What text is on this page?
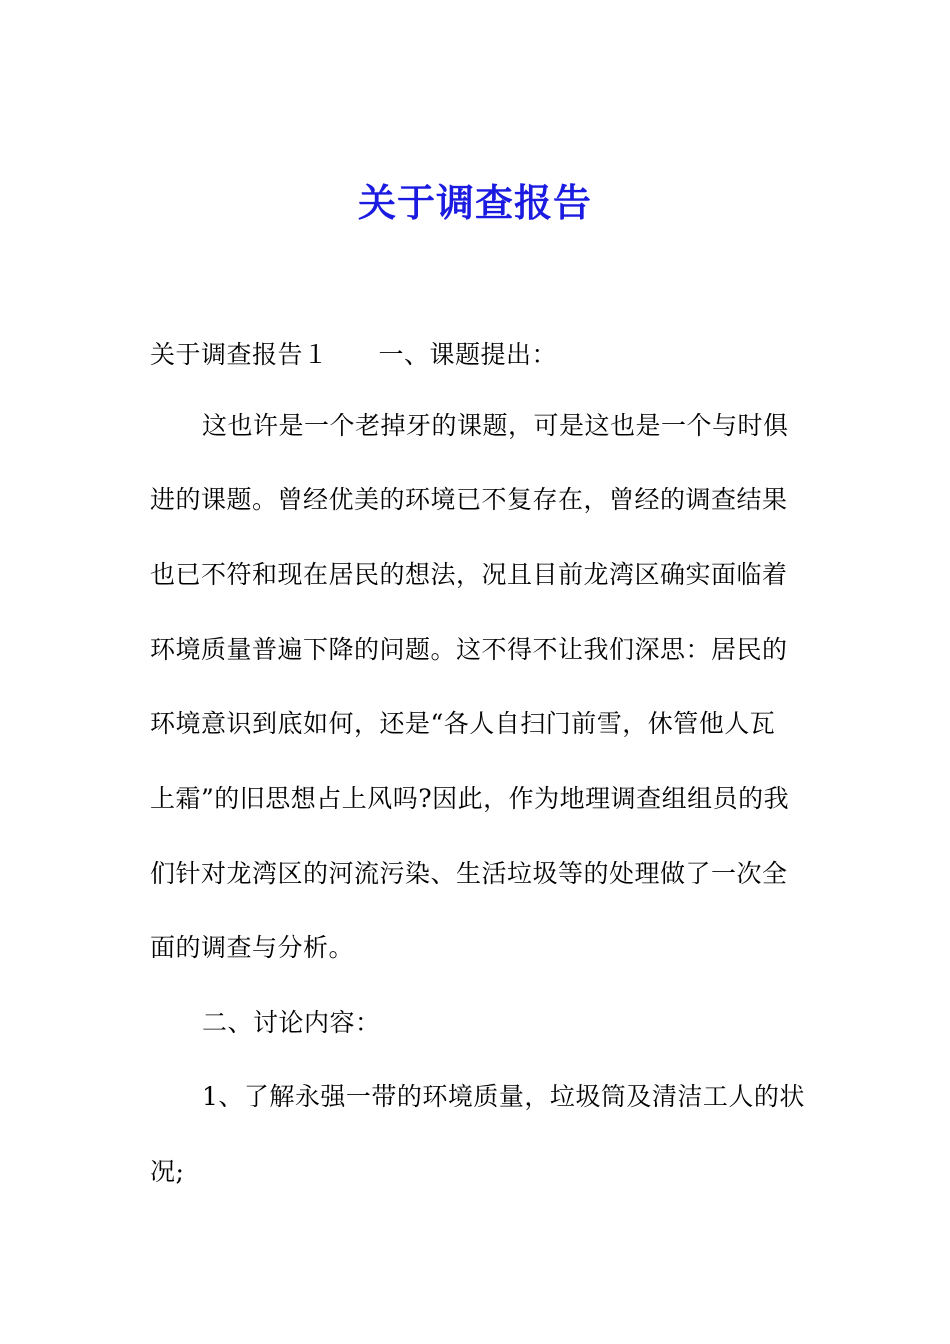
关于调查报告
关于调查报告１ 一、课题提出：
这也许是一个老掉牙的课题，可是这也是一个与时俱
进的课题。曾经优美的环境已不复存在，曾经的调查结果
也已不符和现在居民的想法，况且目前龙湾区确实面临着
环境质量普遍下降的问题。这不得不让我们深思：居民的
环境意识到底如何，还是“各人自扫门前雪，休管他人瓦
上霜”的旧思想占上风吗?因此，作为地理调查组组员的我
们针对龙湾区的河流污染、生活垃圾等的处理做了一次全
面的调查与分析。
二、讨论内容：
1、了解永强一带的环境质量，垃圾筒及清洁工人的状
况;
